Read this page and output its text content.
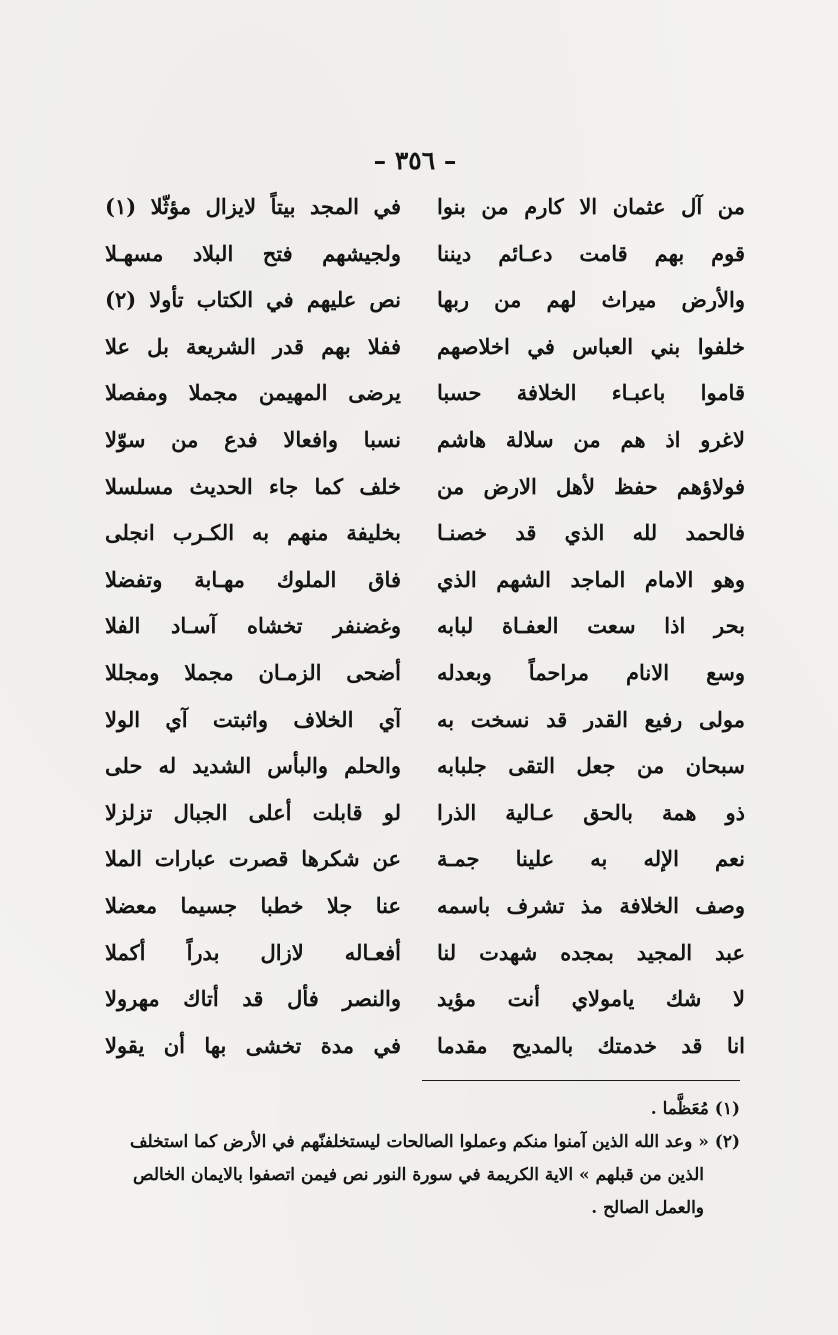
– ٣٥٦ –
من آل عثمان الا كارم من بنوا
في المجد بيتاً لايزال مؤثّلا (١)
قوم بهم قامت دعـائم ديننا
ولجيشهم فتح البلاد مسهـلا
والأرض ميراث لهم من ربها
نص عليهم في الكتاب تأولا (٢)
خلفوا بني العباس في اخلاصهم
ففلا بهم قدر الشريعة بل علا
قاموا باعبـاء الخلافة حسبا
يرضى المهيمن مجملا ومفصلا
لاغرو اذ هم من سلالة هاشم
نسبا وافعالا فدع من سوّلا
فولاؤهم حفظ لأهل الارض من
خلف كما جاء الحديث مسلسلا
فالحمد لله الذي قد خصنـا
بخليفة منهم به الكـرب انجلى
وهو الامام الماجد الشهم الذي
فاق الملوك مهـابة وتفضلا
بحر اذا سعت العفـاة لبابه
وغضنفر تخشاه آسـاد الفلا
وسع الانام مراحماً وبعدله
أضحى الزمـان مجملا ومجللا
مولى رفيع القدر قد نسخت به
آي الخلاف واثبتت آي الولا
سبحان من جعل التقى جلبابه
والحلم والبأس الشديد له حلى
ذو همة بالحق عـالية الذرا
لو قابلت أعلى الجبال تزلزلا
نعم الإله به علينا جمـة
عن شكرها قصرت عبارات الملا
وصف الخلافة مذ تشرف باسمه
عنا جلا خطبا جسيما معضلا
عبد المجيد بمجده شهدت لنا
أفعـاله لازال بدراً أكملا
لا شك يامولاي أنت مؤيد
والنصر فأل قد أتاك مهرولا
انا قد خدمتك بالمديح مقدما
في مدة تخشى بها أن يقولا
(١) مُعَظَّما .
(٢) « وعد الله الذين آمنوا منكم وعملوا الصالحات ليستخلفنّهم في الأرض كما استخلف
الذين من قبلهم » الاية الكريمة في سورة النور نص فيمن اتصفوا بالايمان الخالص
والعمل الصالح .
